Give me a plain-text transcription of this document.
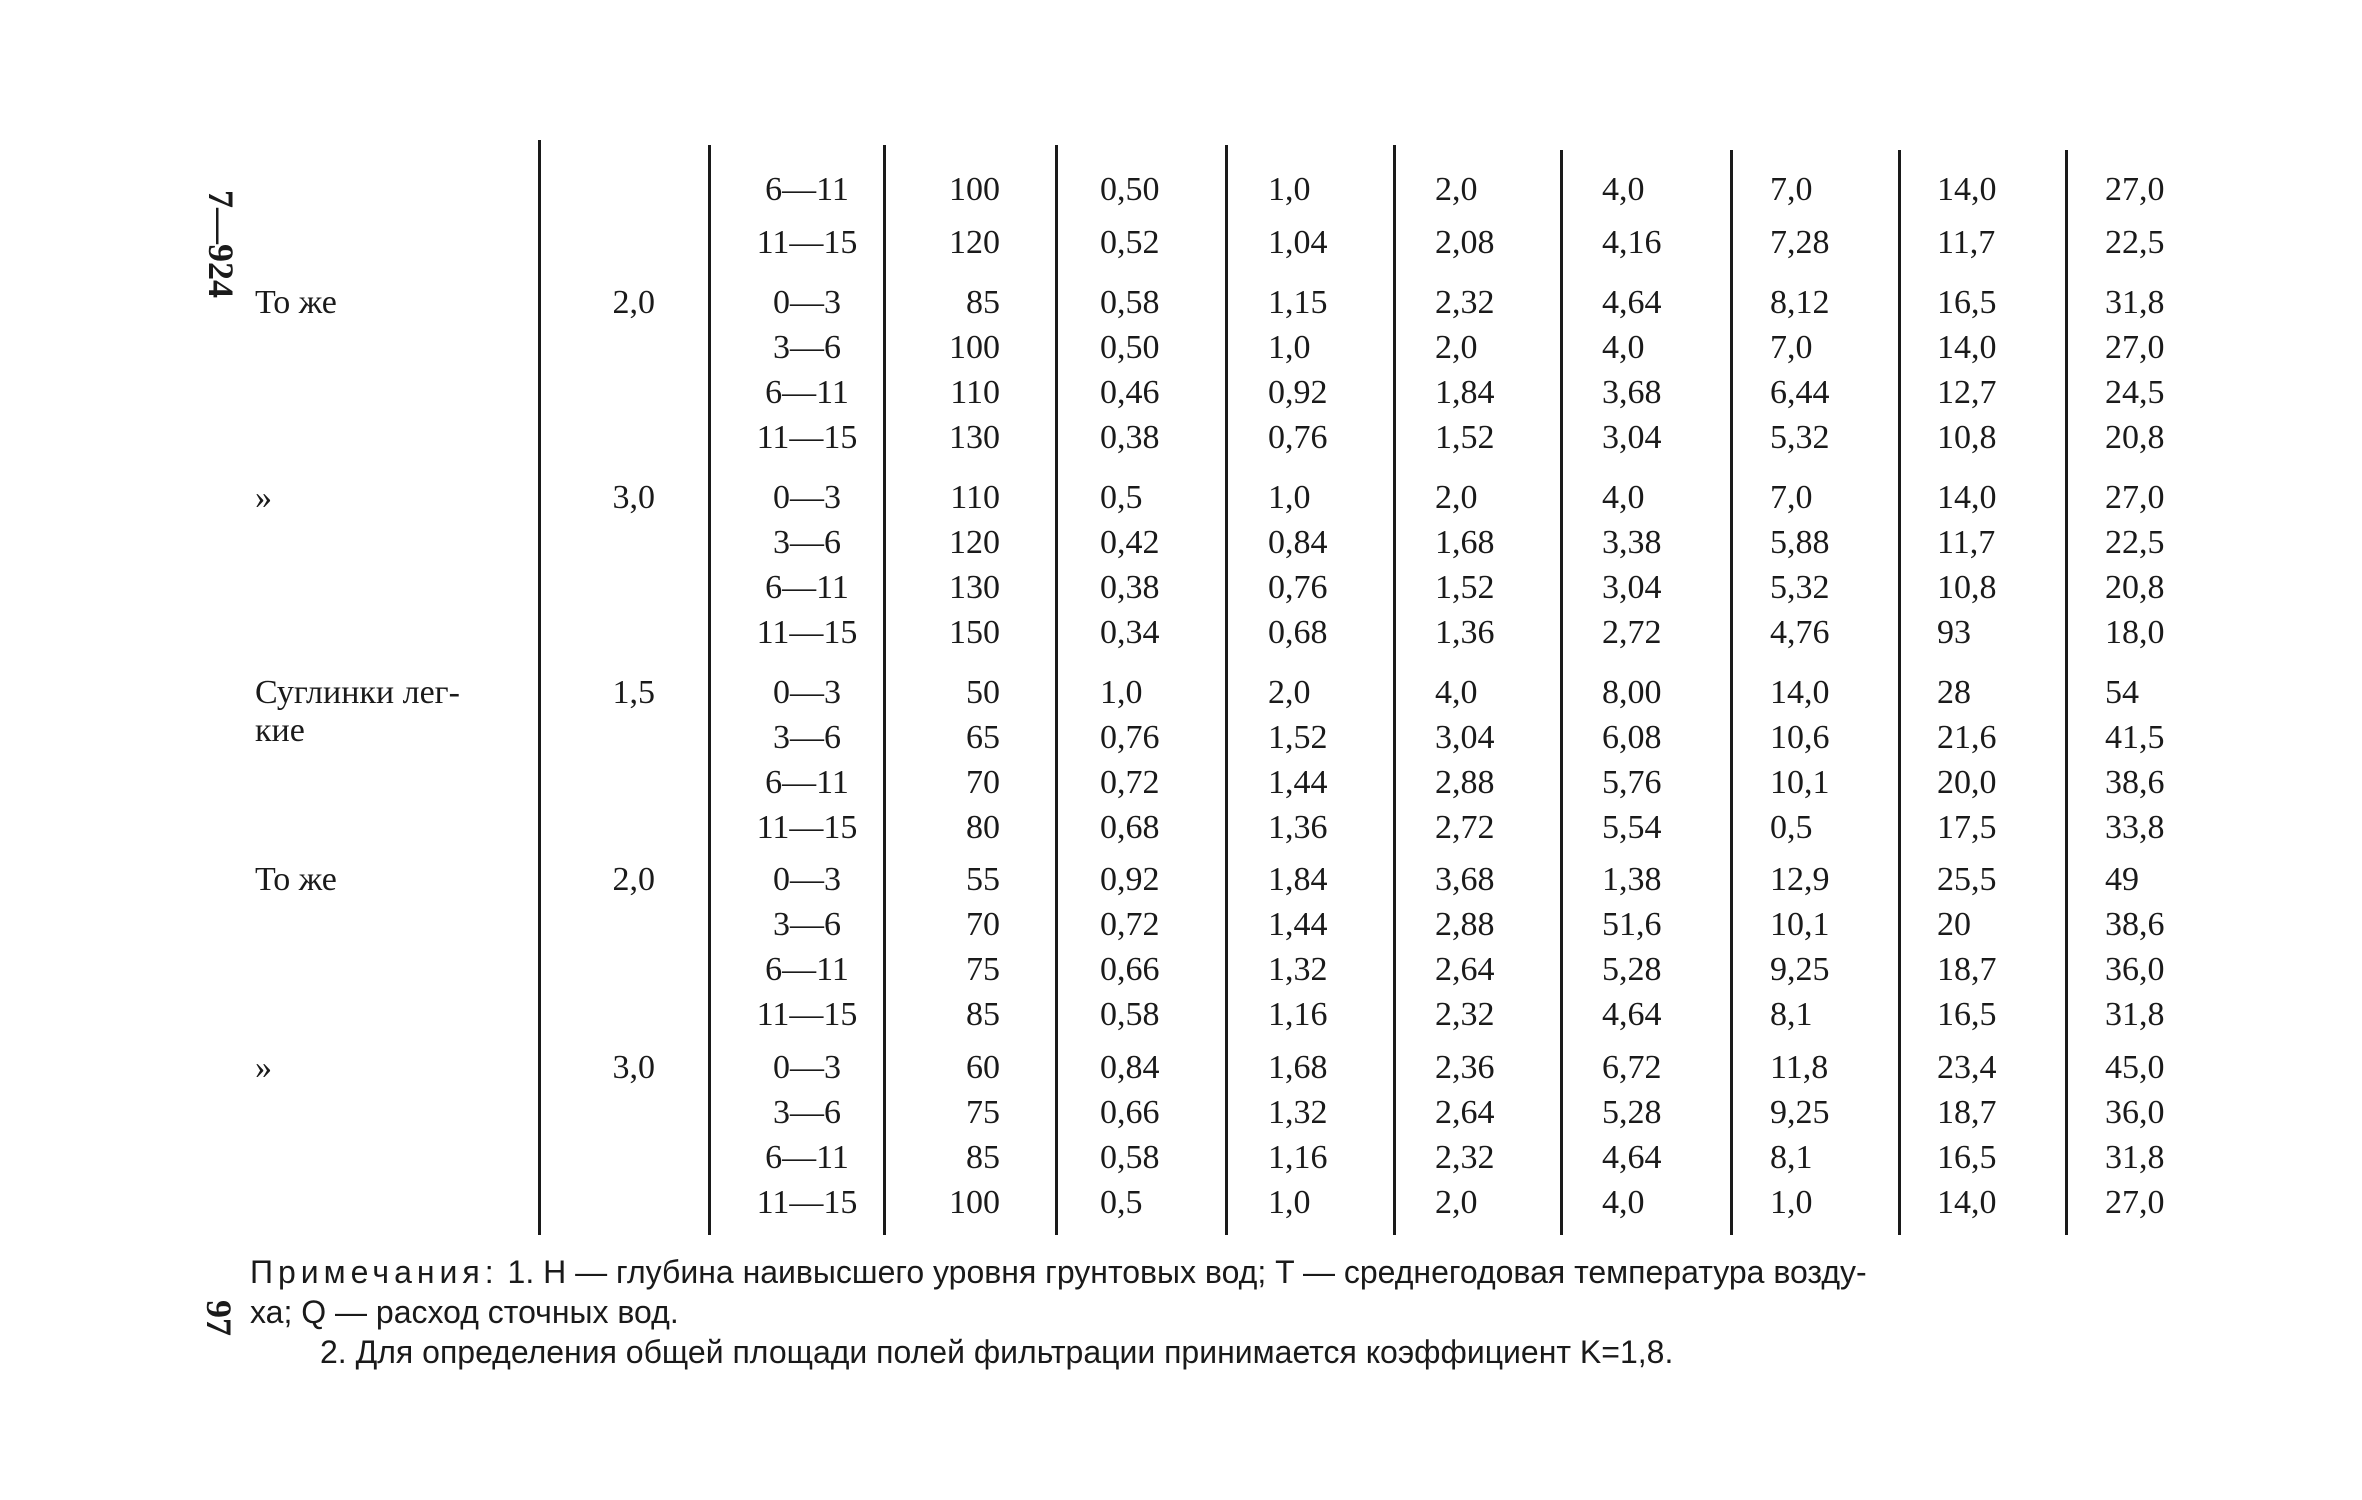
7—924
97
6—11	100	0,50	1,0	2,0	4,0	7,0	14,0	27,0
11—15	120	0,52	1,04	2,08	4,16	7,28	11,7	22,5
То же	2,0	0—3	85	0,58	1,15	2,32	4,64	8,12	16,5	31,8
3—6	100	0,50	1,0	2,0	4,0	7,0	14,0	27,0
6—11	110	0,46	0,92	1,84	3,68	6,44	12,7	24,5
11—15	130	0,38	0,76	1,52	3,04	5,32	10,8	20,8
»	3,0	0—3	110	0,5	1,0	2,0	4,0	7,0	14,0	27,0
3—6	120	0,42	0,84	1,68	3,38	5,88	11,7	22,5
6—11	130	0,38	0,76	1,52	3,04	5,32	10,8	20,8
11—15	150	0,34	0,68	1,36	2,72	4,76	93	18,0
Суглинки лег-	1,5	0—3	50	1,0	2,0	4,0	8,00	14,0	28	54
кие	3—6	65	0,76	1,52	3,04	6,08	10,6	21,6	41,5
6—11	70	0,72	1,44	2,88	5,76	10,1	20,0	38,6
11—15	80	0,68	1,36	2,72	5,54	0,5	17,5	33,8
То же	2,0	0—3	55	0,92	1,84	3,68	1,38	12,9	25,5	49
3—6	70	0,72	1,44	2,88	51,6	10,1	20	38,6
6—11	75	0,66	1,32	2,64	5,28	9,25	18,7	36,0
11—15	85	0,58	1,16	2,32	4,64	8,1	16,5	31,8
»	3,0	0—3	60	0,84	1,68	2,36	6,72	11,8	23,4	45,0
3—6	75	0,66	1,32	2,64	5,28	9,25	18,7	36,0
6—11	85	0,58	1,16	2,32	4,64	8,1	16,5	31,8
11—15	100	0,5	1,0	2,0	4,0	1,0	14,0	27,0
Примечания: 1. H — глубина наивысшего уровня грунтовых вод; T — среднегодовая температура возду-
ха; Q — расход сточных вод.
2. Для определения общей площади полей фильтрации принимается коэффициент K=1,8.
